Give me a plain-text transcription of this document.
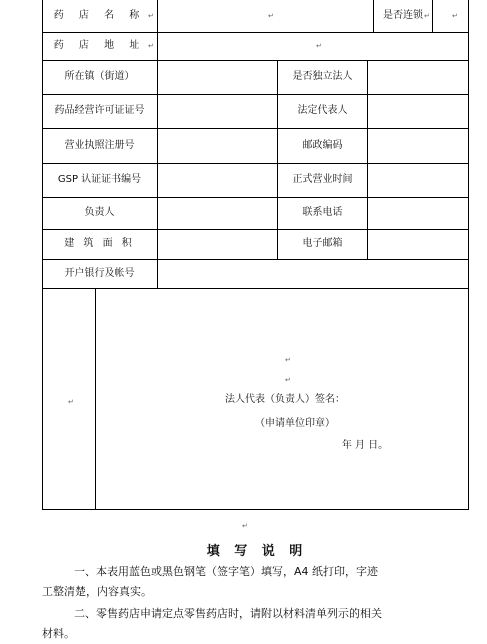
药 店 名 称	是否连锁
药 店 地 址
所在镇（街道）	是否独立法人
药品经营许可证证号	法定代表人
营业执照注册号	邮政编码
GSP 认证证书编号	正式营业时间
负责人	联系电话
建 筑 面 积	电子邮箱
开户银行及帐号
法人代表（负责人）签名：
（申请单位印章）
年 月 日。
↵	↵	↵	↵
↵	↵
↵
↵
↵
↵
填 写 说 明
一、本表用蓝色或黑色钢笔（签字笔）填写，A4 纸打印，字迹
工整清楚，内容真实。
二、零售药店申请定点零售药店时，请附以材料清单列示的相关
材料。
